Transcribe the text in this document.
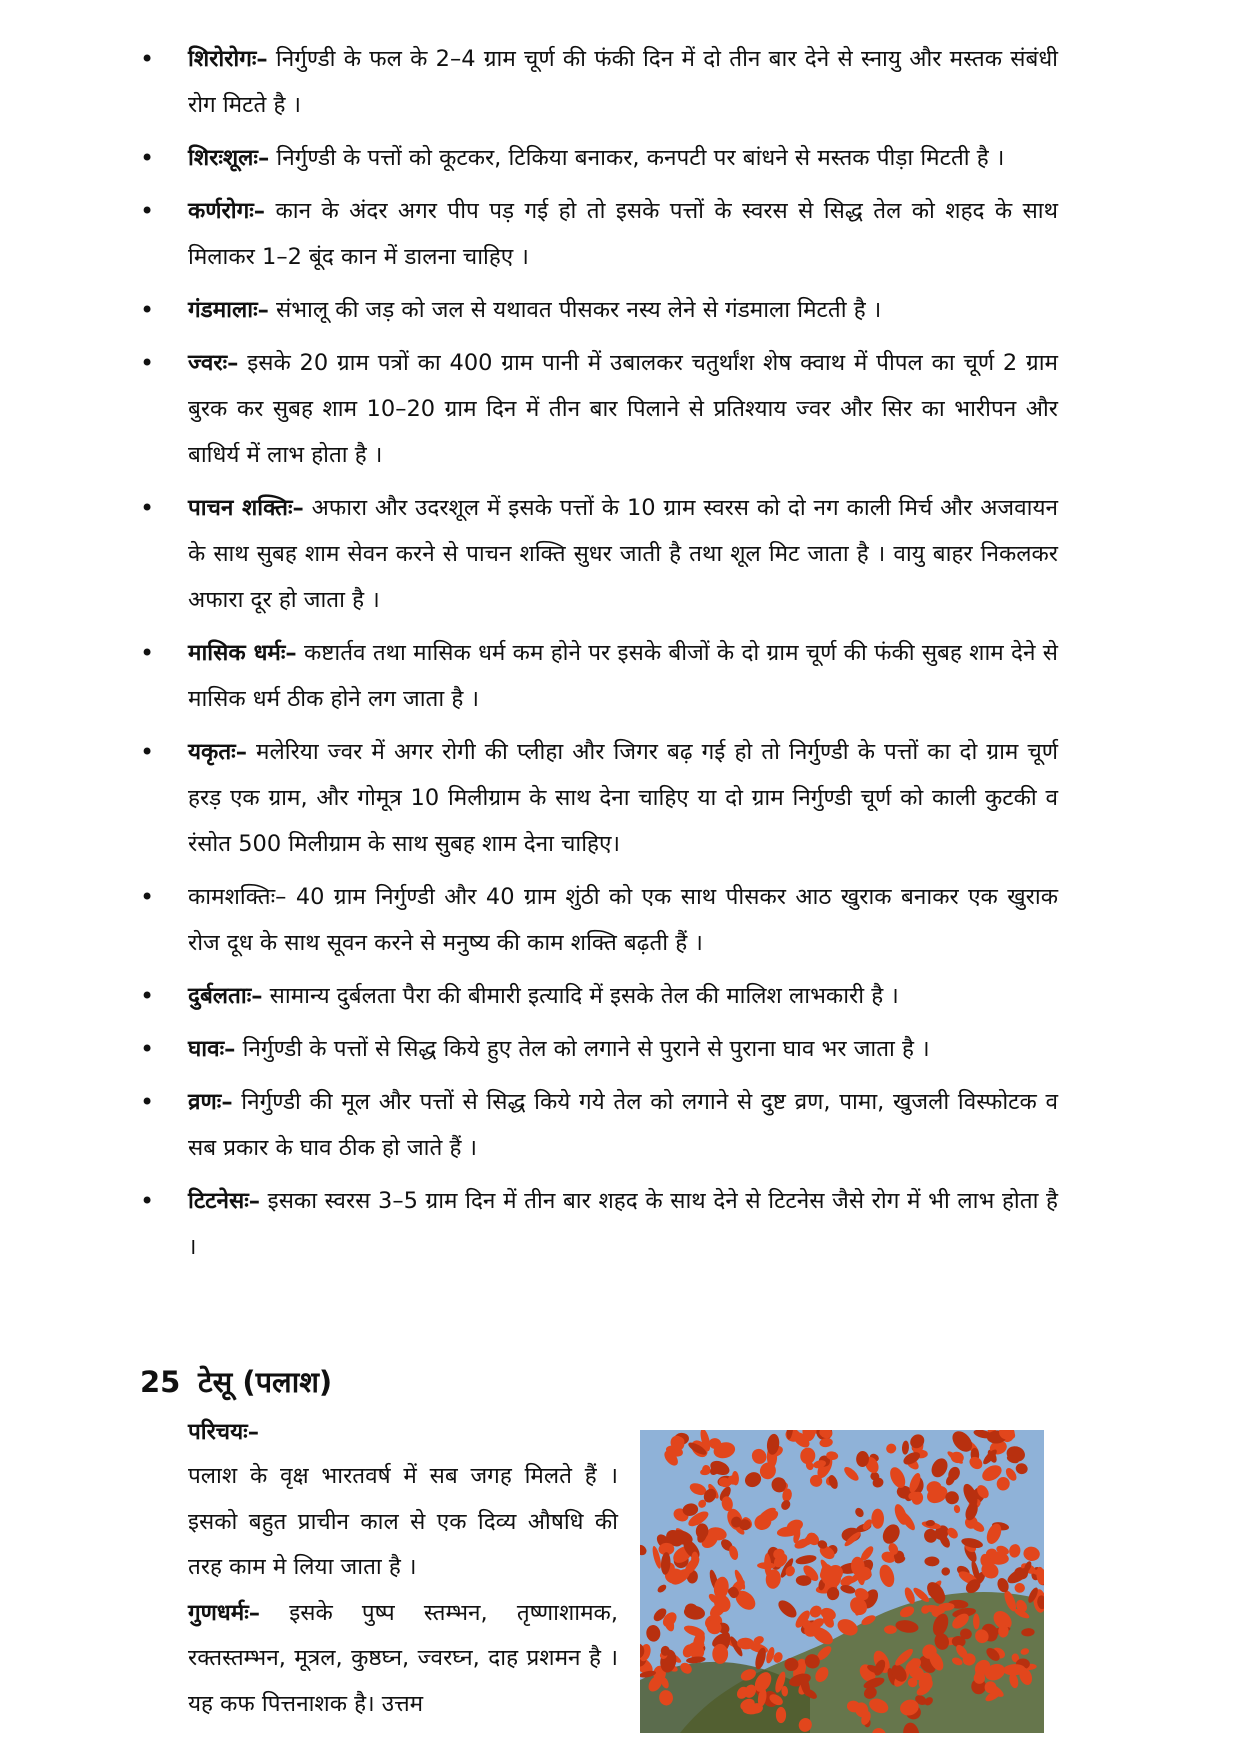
• शिरोरोगः– निर्गुण्डी के फल के 2–4 ग्राम चूर्ण की फंकी दिन में दो तीन बार देने से स्नायु और मस्तक संबंधी रोग मिटते है ।
• शिरःशूलः– निर्गुण्डी के पत्तों को कूटकर, टिकिया बनाकर, कनपटी पर बांधने से मस्तक पीड़ा मिटती है ।
• कर्णरोगः– कान के अंदर अगर पीप पड़ गई हो तो इसके पत्तों के स्वरस से सिद्ध तेल को शहद के साथ मिलाकर 1–2 बूंद कान में डालना चाहिए ।
• गंडमालाः– संभालू की जड़ को जल से यथावत पीसकर नस्य लेने से गंडमाला मिटती है ।
• ज्वरः– इसके 20 ग्राम पत्रों का 400 ग्राम पानी में उबालकर चतुर्थांश शेष क्वाथ में पीपल का चूर्ण 2 ग्राम बुरक कर सुबह शाम 10–20 ग्राम दिन में तीन बार पिलाने से प्रतिश्याय ज्वर और सिर का भारीपन और बाधिर्य में लाभ होता है ।
• पाचन शक्तिः– अफारा और उदरशूल में इसके पत्तों के 10 ग्राम स्वरस को दो नग काली मिर्च और अजवायन के साथ सुबह शाम सेवन करने से पाचन शक्ति सुधर जाती है तथा शूल मिट जाता है । वायु बाहर निकलकर अफारा दूर हो जाता है ।
• मासिक धर्मः– कष्टार्तव तथा मासिक धर्म कम होने पर इसके बीजों के दो ग्राम चूर्ण की फंकी सुबह शाम देने से मासिक धर्म ठीक होने लग जाता है ।
• यकृतः– मलेरिया ज्वर में अगर रोगी की प्लीहा और जिगर बढ़ गई हो तो निर्गुण्डी के पत्तों का दो ग्राम चूर्ण हरड़ एक ग्राम, और गोमूत्र 10 मिलीग्राम के साथ देना चाहिए या दो ग्राम निर्गुण्डी चूर्ण को काली कुटकी व रंसोत 500 मिलीग्राम के साथ सुबह शाम देना चाहिए।
• कामशक्तिः– 40 ग्राम निर्गुण्डी और 40 ग्राम शुंठी को एक साथ पीसकर आठ खुराक बनाकर एक खुराक रोज दूध के साथ सूवन करने से मनुष्य की काम शक्ति बढ़ती हैं ।
• दुर्बलताः– सामान्य दुर्बलता पैरा की बीमारी इत्यादि में इसके तेल की मालिश लाभकारी है ।
• घावः– निर्गुण्डी के पत्तों से सिद्ध किये हुए तेल को लगाने से पुराने से पुराना घाव भर जाता है ।
• व्रणः– निर्गुण्डी की मूल और पत्तों से सिद्ध किये गये तेल को लगाने से दुष्ट व्रण, पामा, खुजली विस्फोटक व सब प्रकार के घाव ठीक हो जाते हैं ।
• टिटनेसः– इसका स्वरस 3–5 ग्राम दिन में तीन बार शहद के साथ देने से टिटनेस जैसे रोग में भी लाभ होता है ।
25 टेसू (पलाश)
परिचयः–

पलाश के वृक्ष भारतवर्ष में सब जगह मिलते हैं । इसको बहुत प्राचीन काल से एक दिव्य औषधि की तरह काम मे लिया जाता है ।

गुणधर्मः– इसके पुष्प स्तम्भन, तृष्णाशामक, रक्तस्तम्भन, मूत्रल, कुष्ठघ्न, ज्वरघ्न, दाह प्रशमन है । यह कफ पित्तनाशक है। उत्तम
